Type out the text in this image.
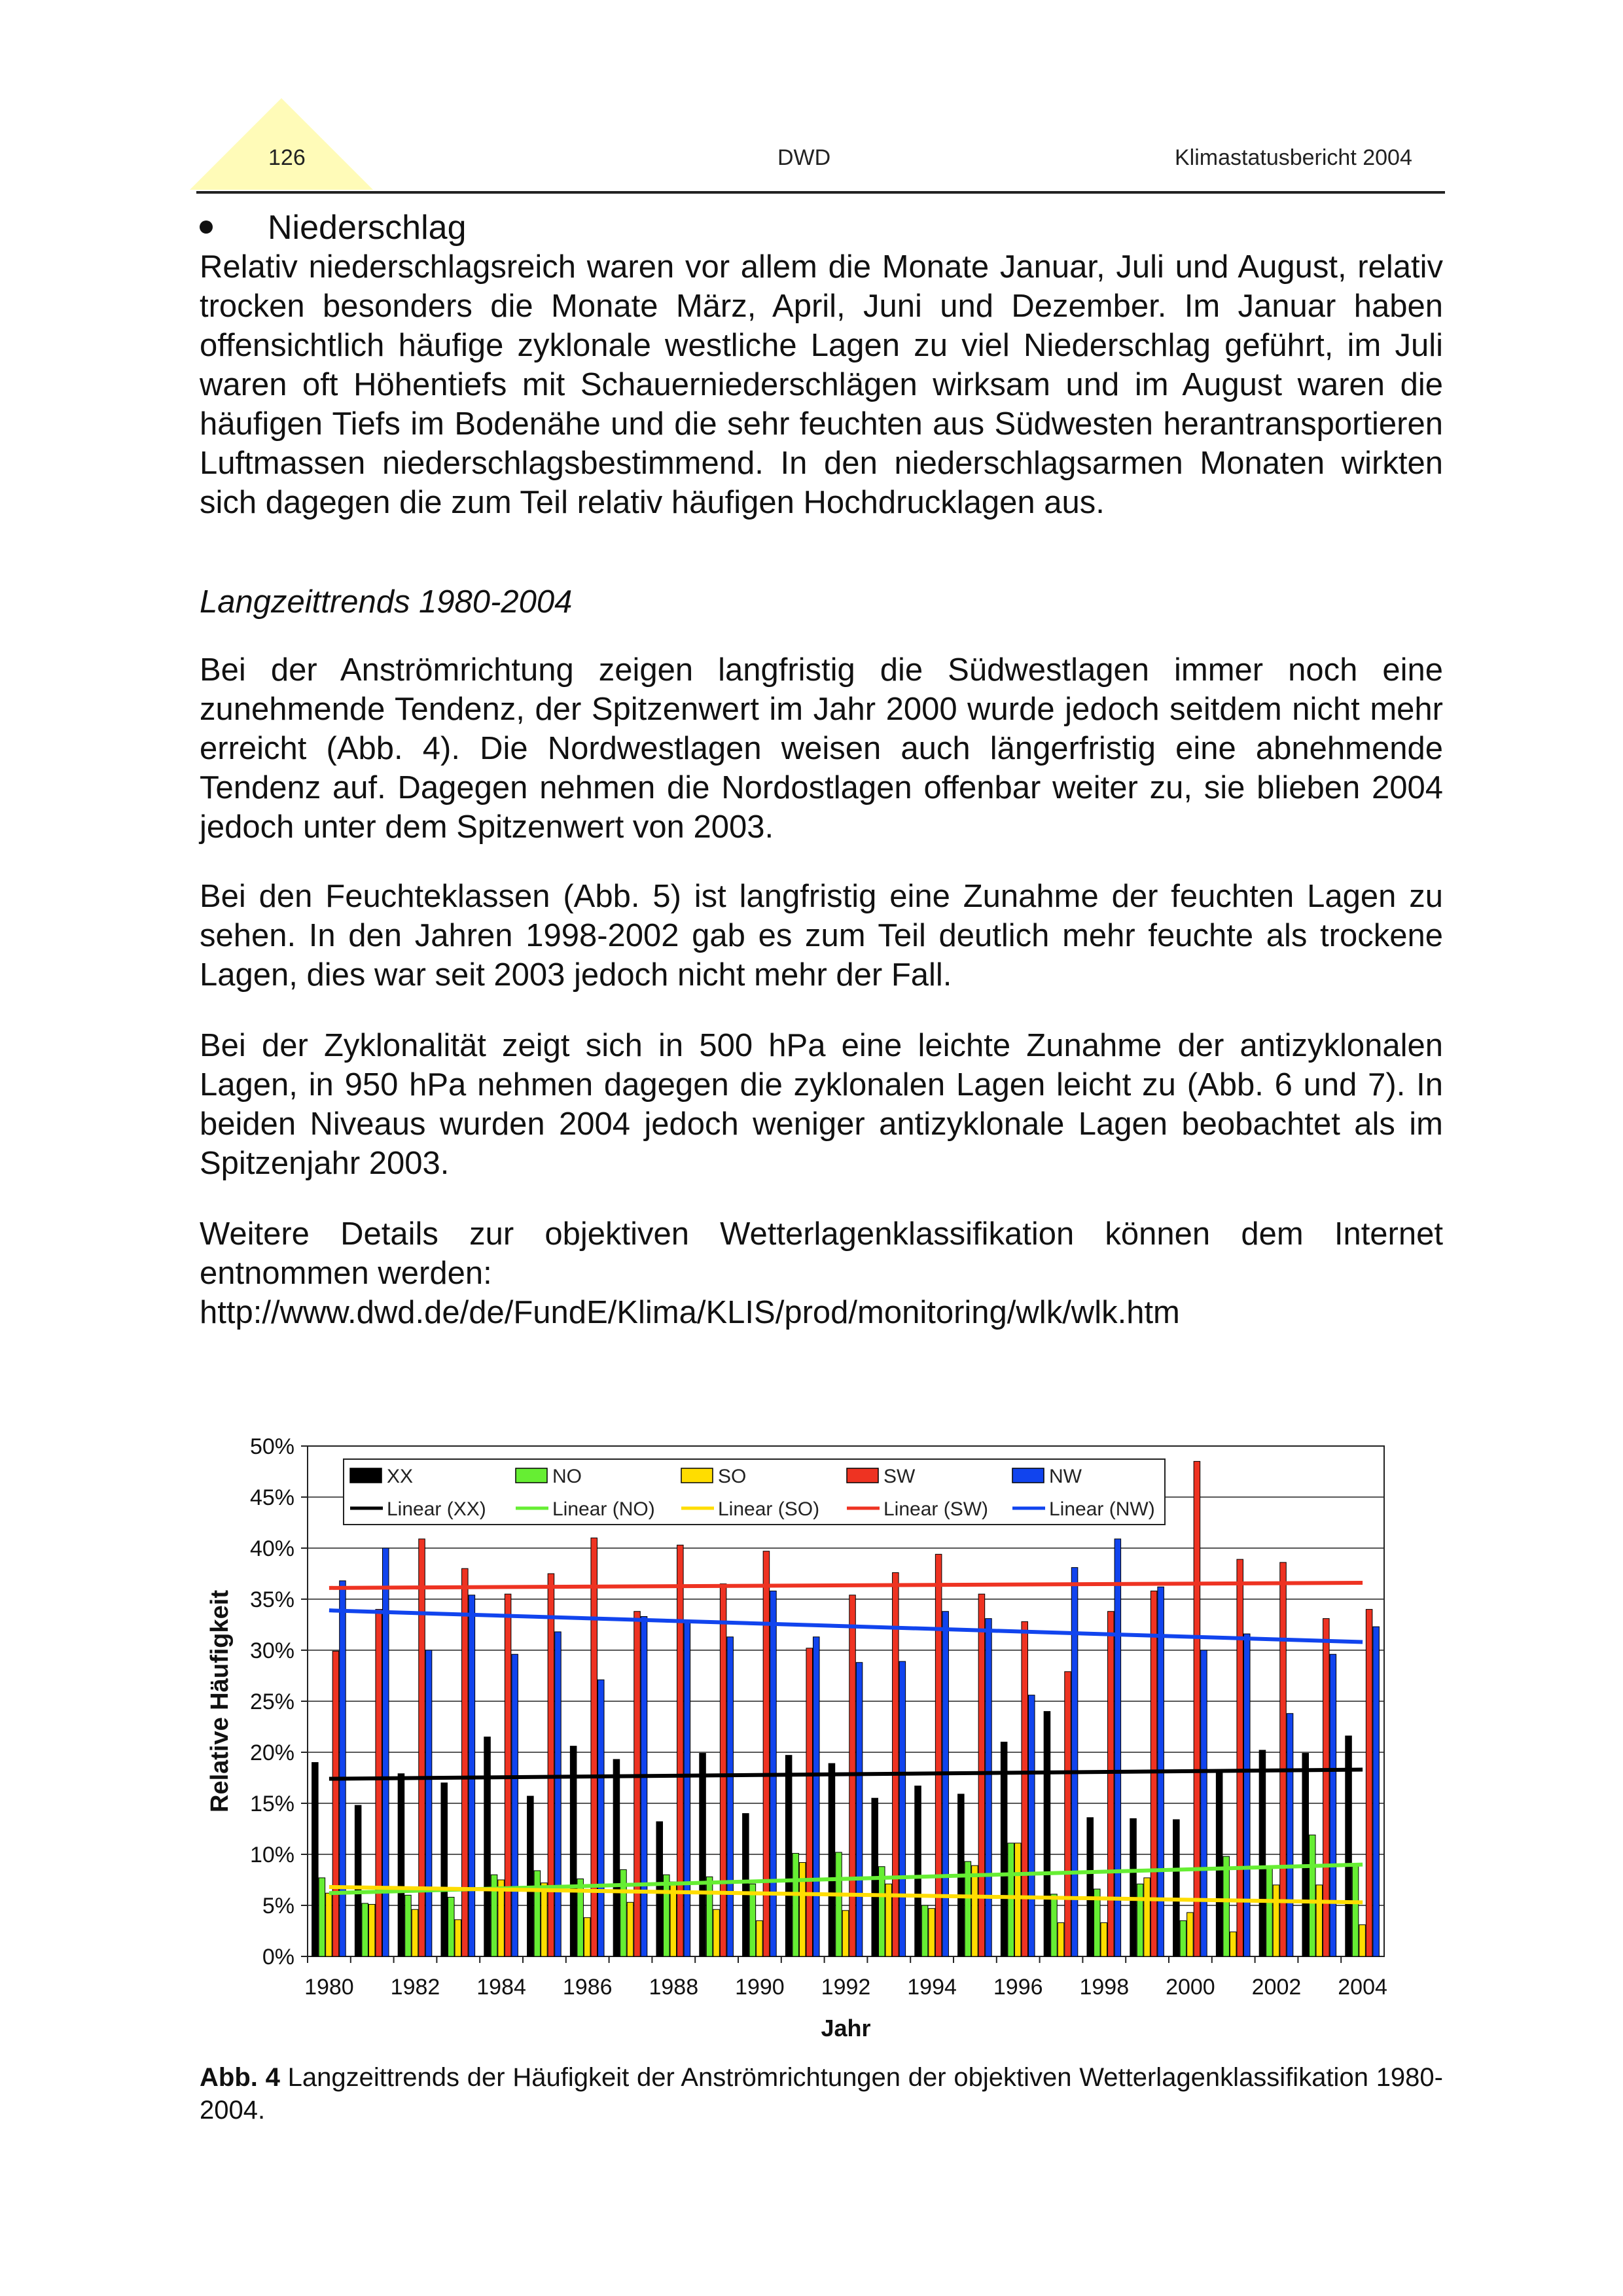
126	DWD	Klimastatusbericht 2004
Niederschlag

Relativ niederschlagsreich waren vor allem die Monate Januar, Juli und August, relativ trocken besonders die Monate März, April, Juni und Dezember. Im Januar haben offensichtlich häufige zyklonale westliche Lagen zu viel Niederschlag geführt, im Juli waren oft Höhentiefs mit Schauerniederschlägen wirksam und im August waren die häufigen Tiefs im Bodenähe und die sehr feuchten aus Südwesten herantransportieren Luftmassen niederschlagsbestimmend. In den niederschlagsarmen Monaten wirkten sich dagegen die zum Teil relativ häufigen Hochdrucklagen aus.

Langzeittrends 1980-2004

Bei der Anströmrichtung zeigen langfristig die Südwestlagen immer noch eine zunehmende Tendenz, der Spitzenwert im Jahr 2000 wurde jedoch seitdem nicht mehr erreicht (Abb. 4). Die Nordwestlagen weisen auch längerfristig eine abnehmende Tendenz auf. Dagegen nehmen die Nordostlagen offenbar weiter zu, sie blieben 2004 jedoch unter dem Spitzenwert von 2003.

Bei den Feuchteklassen (Abb. 5) ist langfristig eine Zunahme der feuchten Lagen zu sehen. In den Jahren 1998-2002 gab es zum Teil deutlich mehr feuchte als trockene Lagen, dies war seit 2003 jedoch nicht mehr der Fall.

Bei der Zyklonalität zeigt sich in 500 hPa eine leichte Zunahme der antizyklonalen Lagen, in 950 hPa nehmen dagegen die zyklonalen Lagen leicht zu (Abb. 6 und 7). In beiden Niveaus wurden 2004 jedoch weniger antizyklonale Lagen beobachtet als im Spitzenjahr 2003.

Weitere Details zur objektiven Wetterlagenklassifikation können dem Internet entnommen werden:

http://www.dwd.de/de/FundE/Klima/KLIS/prod/monitoring/wlk/wlk.htm
0%
5%
10%
15%
20%
25%
30%
35%
40%
45%
50%
1980 1982 1984 1986 1988 1990 1992 1994 1996 1998 2000 2002 2004
Jahr
Relative Häufigkeit
XX	NO	SO	SW	NW
Linear (XX)	Linear (NO)	Linear (SO)	Linear (SW)	Linear (NW)
Abb. 4 Langzeittrends der Häufigkeit der Anströmrichtungen der objektiven Wetterlagenklassifikation 1980-2004.
